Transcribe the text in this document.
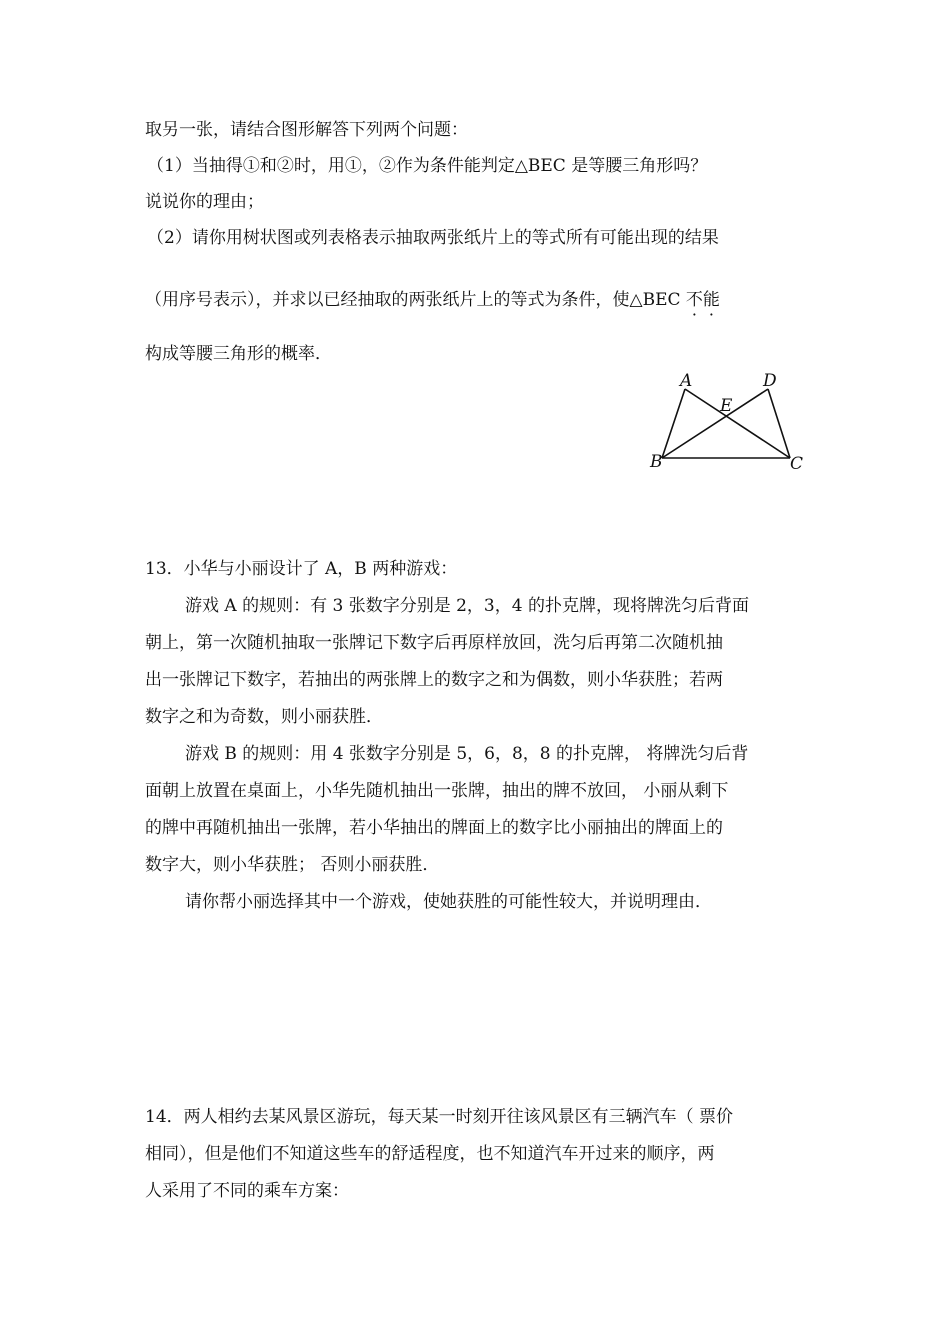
取另一张，请结合图形解答下列两个问题：
（1）当抽得①和②时，用①，②作为条件能判定△BEC 是等腰三角形吗？
说说你的理由；
（2）请你用树状图或列表格表示抽取两张纸片上的等式所有可能出现的结果
（用序号表示），并求以已经抽取的两张纸片上的等式为条件，使△BEC 不能
构成等腰三角形的概率．
A	D
E
B	C
13．小华与小丽设计了 A，B 两种游戏：
游戏 A 的规则：有 3 张数字分别是 2，3，4 的扑克牌，现将牌洗匀后背面
朝上，第一次随机抽取一张牌记下数字后再原样放回，洗匀后再第二次随机抽
出一张牌记下数字，若抽出的两张牌上的数字之和为偶数，则小华获胜；若两
数字之和为奇数，则小丽获胜．
游戏 B 的规则：用 4 张数字分别是 5，6，8，8 的扑克牌， 将牌洗匀后背
面朝上放置在桌面上，小华先随机抽出一张牌，抽出的牌不放回， 小丽从剩下
的牌中再随机抽出一张牌，若小华抽出的牌面上的数字比小丽抽出的牌面上的
数字大，则小华获胜； 否则小丽获胜．
请你帮小丽选择其中一个游戏，使她获胜的可能性较大，并说明理由．
14．两人相约去某风景区游玩，每天某一时刻开往该风景区有三辆汽车（ 票价
相同），但是他们不知道这些车的舒适程度，也不知道汽车开过来的顺序，两
人采用了不同的乘车方案：
